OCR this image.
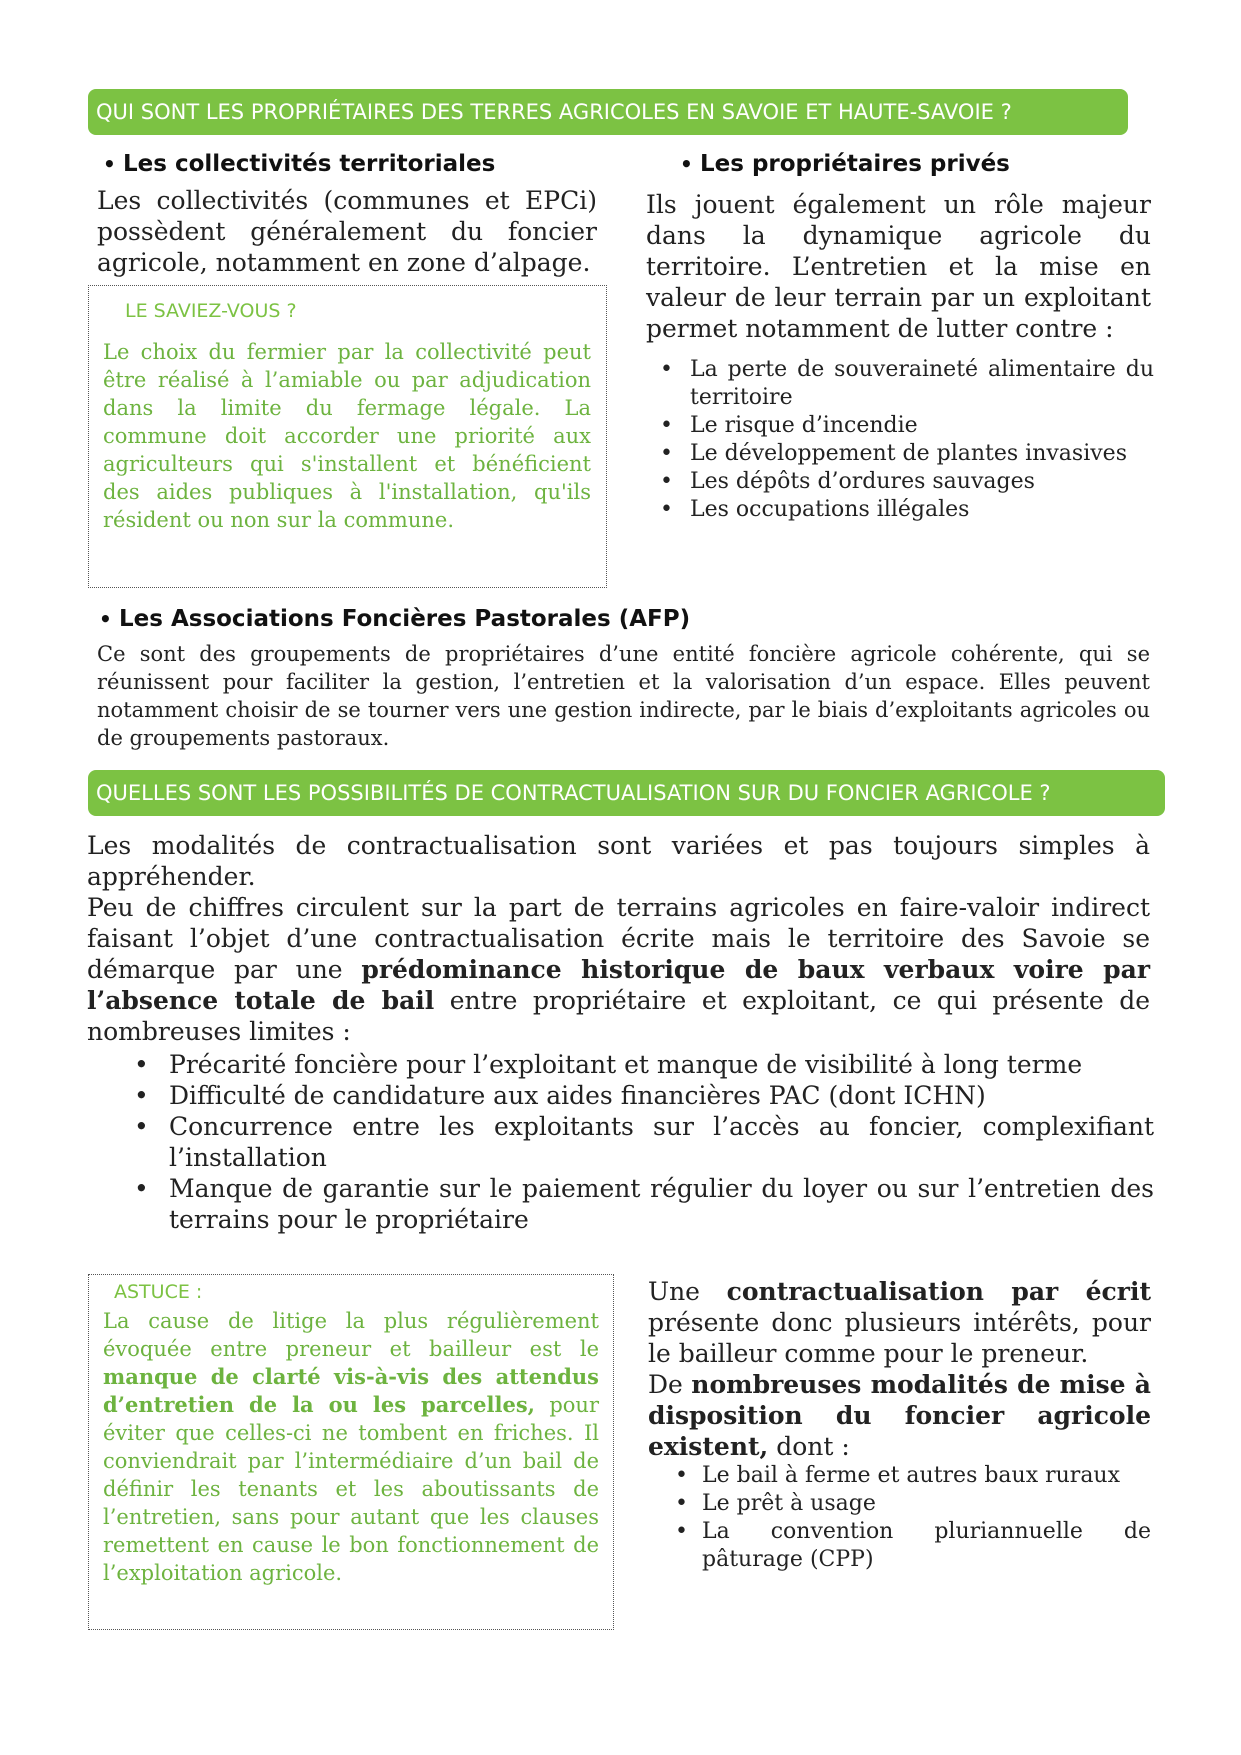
QUI SONT LES PROPRIÉTAIRES DES TERRES AGRICOLES EN SAVOIE ET HAUTE-SAVOIE ?
• Les collectivités territoriales

Les collectivités (communes et EPCi) possèdent généralement du foncier agricole, notamment en zone d’alpage.

LE SAVIEZ-VOUS ?

Le choix du fermier par la collectivité peut être réalisé à l’amiable ou par adjudication dans la limite du fermage légale. La commune doit accorder une priorité aux agriculteurs qui s'installent et bénéficient des aides publiques à l'installation, qu'ils résident ou non sur la commune.

• Les propriétaires privés

Ils jouent également un rôle majeur dans la dynamique agricole du territoire. L’entretien et la mise en valeur de leur terrain par un exploitant permet notamment de lutter contre :

• La perte de souveraineté alimentaire du territoire
• Le risque d’incendie
• Le développement de plantes invasives
• Les dépôts d’ordures sauvages
• Les occupations illégales
• Les Associations Foncières Pastorales (AFP)

Ce sont des groupements de propriétaires d’une entité foncière agricole cohérente, qui se réunissent pour faciliter la gestion, l’entretien et la valorisation d’un espace. Elles peuvent notamment choisir de se tourner vers une gestion indirecte, par le biais d’exploitants agricoles ou de groupements pastoraux.

QUELLES SONT LES POSSIBILITÉS DE CONTRACTUALISATION SUR DU FONCIER AGRICOLE ?

Les modalités de contractualisation sont variées et pas toujours simples à appréhender.

Peu de chiffres circulent sur la part de terrains agricoles en faire-valoir indirect faisant l’objet d’une contractualisation écrite mais le territoire des Savoie se démarque par une prédominance historique de baux verbaux voire par l’absence totale de bail entre propriétaire et exploitant, ce qui présente de nombreuses limites :

• Précarité foncière pour l’exploitant et manque de visibilité à long terme
• Difficulté de candidature aux aides financières PAC (dont ICHN)
• Concurrence entre les exploitants sur l’accès au foncier, complexifiant l’installation
• Manque de garantie sur le paiement régulier du loyer ou sur l’entretien des terrains pour le propriétaire
ASTUCE :

La cause de litige la plus régulièrement évoquée entre preneur et bailleur est le manque de clarté vis-à-vis des attendus d’entretien de la ou les parcelles, pour éviter que celles-ci ne tombent en friches. Il conviendrait par l’intermédiaire d’un bail de définir les tenants et les aboutissants de l’entretien, sans pour autant que les clauses remettent en cause le bon fonctionnement de l’exploitation agricole.

Une contractualisation par écrit présente donc plusieurs intérêts, pour le bailleur comme pour le preneur.

De nombreuses modalités de mise à disposition du foncier agricole existent, dont :

• Le bail à ferme et autres baux ruraux
• Le prêt à usage
• La convention pluriannuelle de pâturage (CPP)
